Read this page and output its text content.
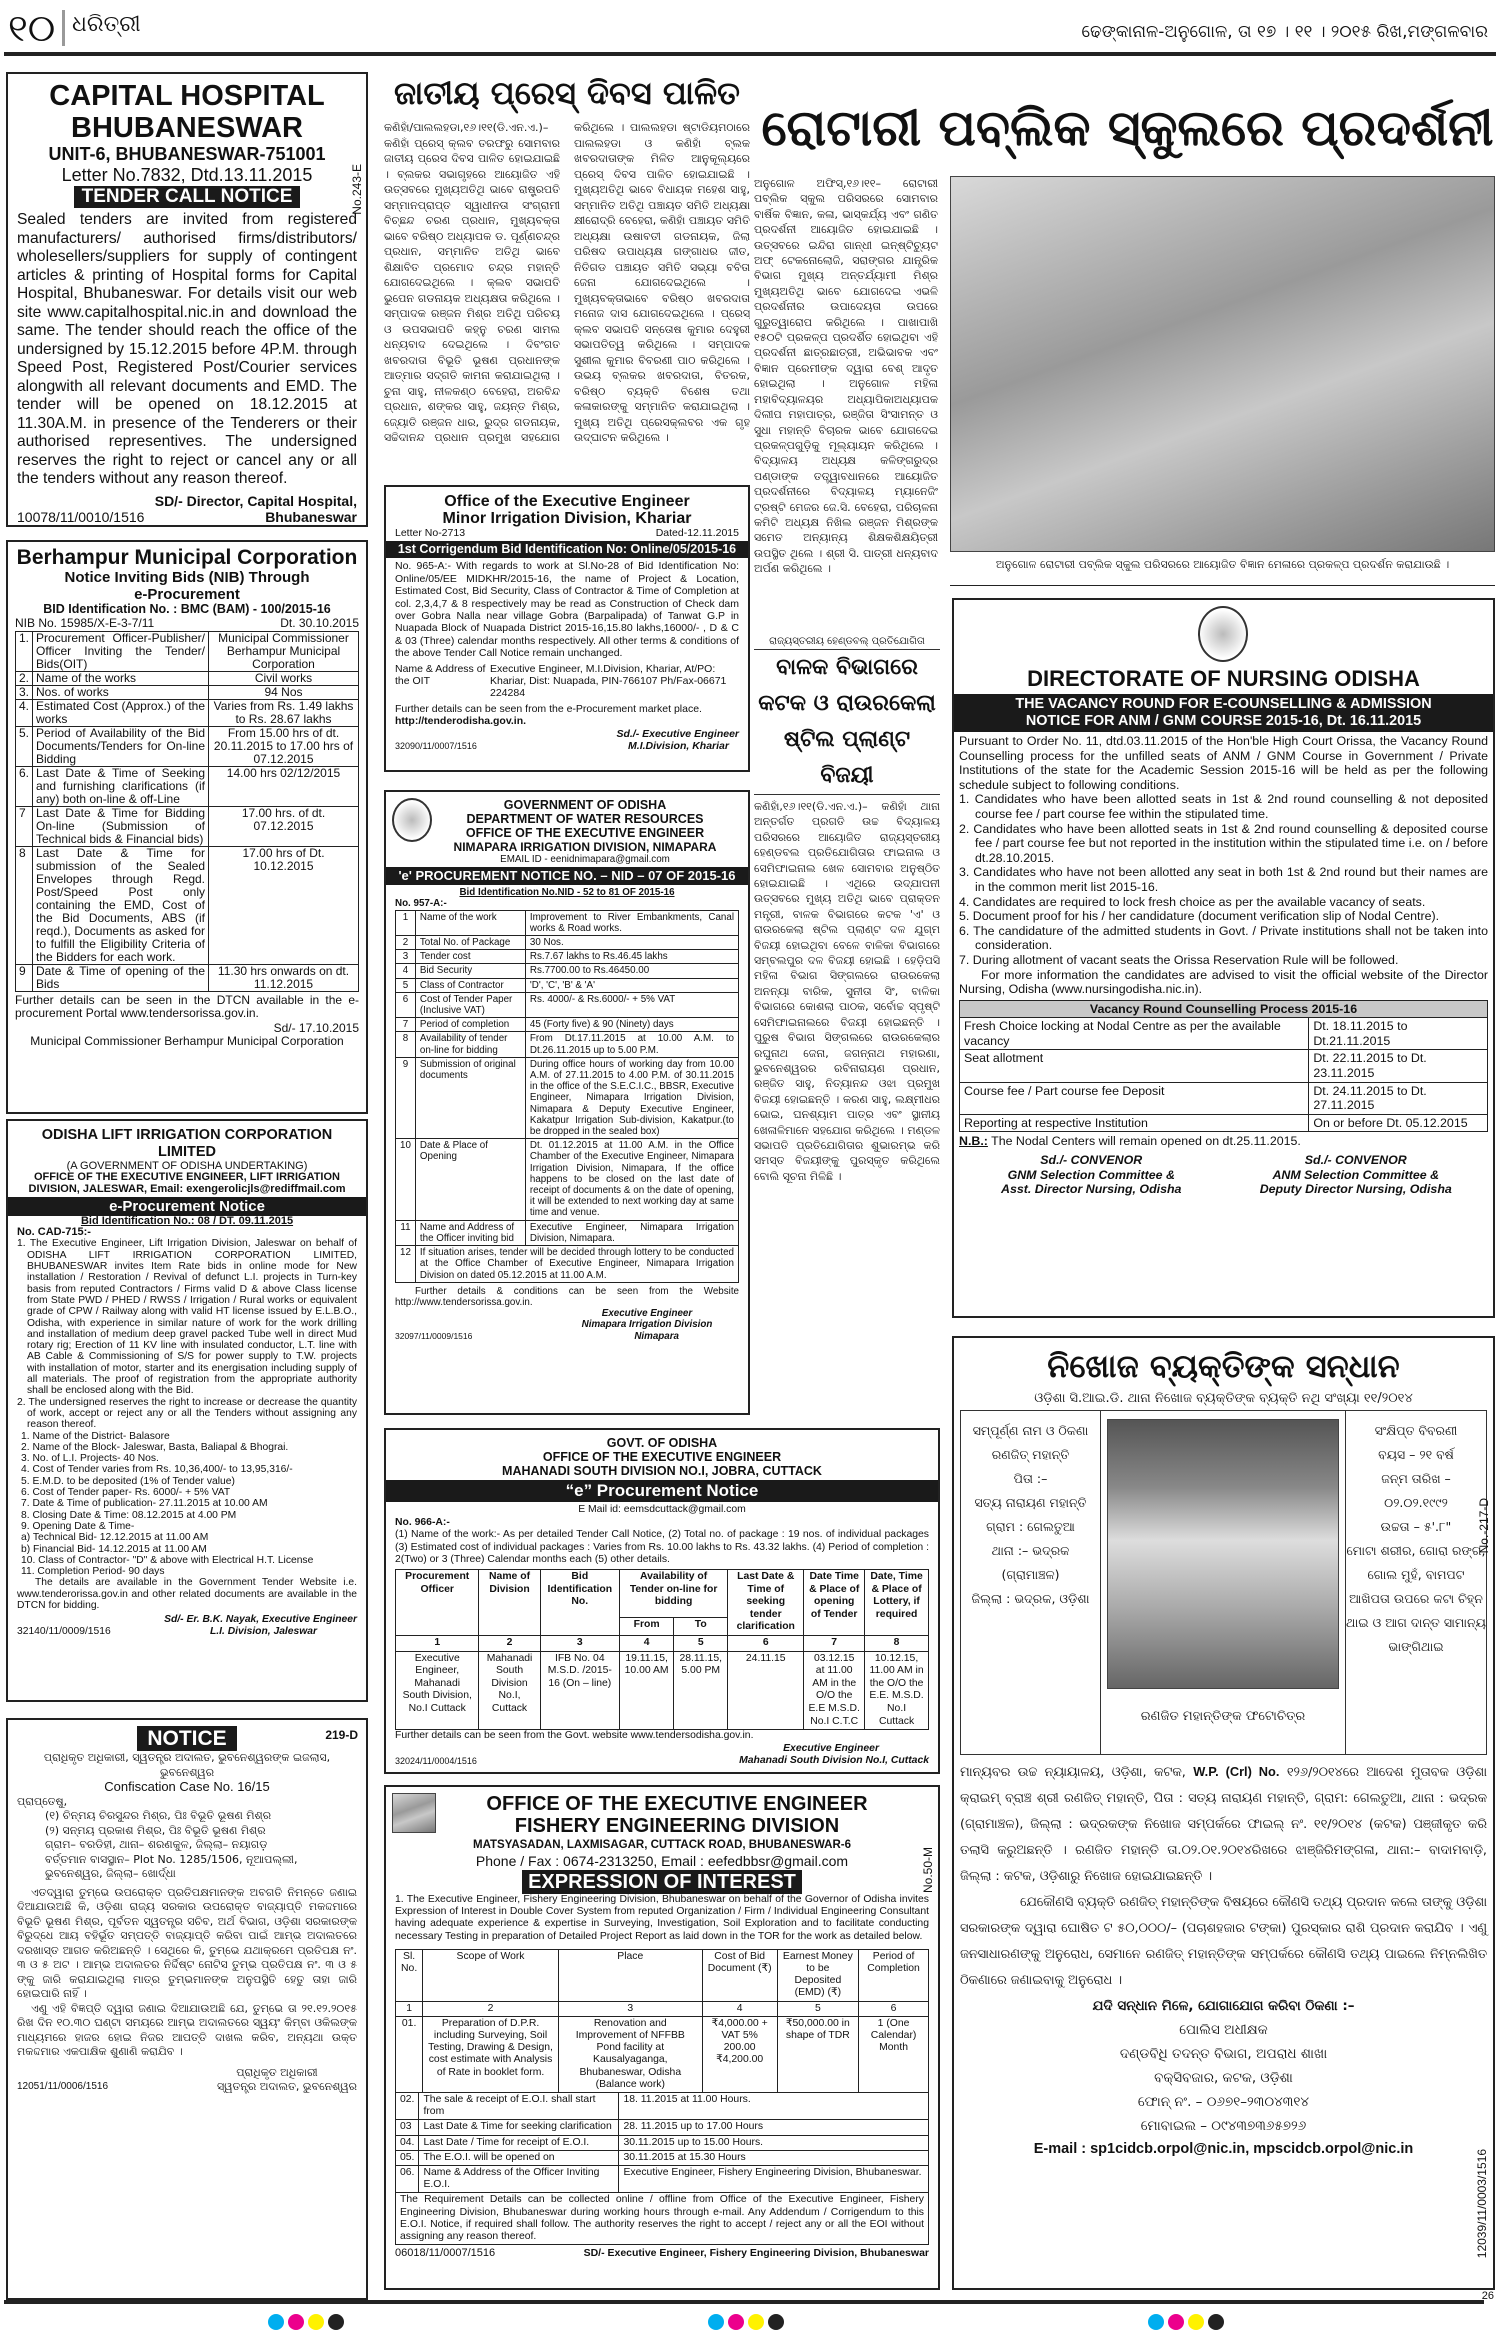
୧୦ ଧରିତ୍ରୀ	ଢେଙ୍କାନାଳ-ଅନୁଗୋଳ, ତା ୧୭ । ୧୧ । ୨୦୧୫ ରିଖ,ମଙ୍ଗଳବାର
CAPITAL HOSPITAL
BHUBANESWAR
UNIT-6, BHUBANESWAR-751001
Letter No.7832, Dtd.13.11.2015
TENDER CALL NOTICE
Sealed tenders are invited from registered manufacturers/ authorised firms/distributors/ wholesellers/suppliers for supply of contingent articles & printing of Hospital forms for Capital Hospital, Bhubaneswar. For details visit our web site www.capitalhospital.nic.in and download the same. The tender should reach the office of the undersigned by 15.12.2015 before 4P.M. through Speed Post, Registered Post/Courier services alongwith all relevant documents and EMD. The tender will be opened on 18.12.2015 at 11.30A.M. in presence of the Tenderers or their authorised representives. The undersigned reserves the right to reject or cancel any or all the tenders without any reason thereof.
SD/- Director, Capital Hospital,
10078/11/0010/1516	Bhubaneswar
No.243-E
Berhampur Municipal Corporation
Notice Inviting Bids (NIB) Through
e-Procurement
BID Identification No. : BMC (BAM) - 100/2015-16
NIB No. 15985/X-E-3-7/11	Dt. 30.10.2015
1.	Procurement Officer-Publisher/ Officer Inviting the Tender/ Bids(OIT)	Municipal Commissioner Berhampur Municipal Corporation
2.	Name of the works	Civil works
3.	Nos. of works	94 Nos
4.	Estimated Cost (Approx.) of the works	Varies from Rs. 1.49 lakhs to Rs. 28.67 lakhs
5.	Period of Availability of the Bid Documents/Tenders for On-line Bidding	From 15.00 hrs of dt. 20.11.2015 to 17.00 hrs of 07.12.2015
6.	Last Date & Time of Seeking and furnishing clarifications (if any) both on-line & off-Line	14.00 hrs 02/12/2015
7	Last Date & Time for Bidding On-line (Submission of Technical bids & Financial bids)	17.00 hrs. of dt. 07.12.2015
8	Last Date & Time for submission of the Sealed Envelopes through Regd. Post/Speed Post only containing the EMD, Cost of the Bid Documents, ABS (if reqd.), Documents as asked for to fulfill the Eligibility Criteria of the Bidders for each work.	17.00 hrs of Dt. 10.12.2015
9	Date & Time of opening of the Bids	11.30 hrs onwards on dt. 11.12.2015
Further details can be seen in the DTCN available in the e-procurement Portal www.tendersorissa.gov.in.
Sd/- 17.10.2015
Municipal Commissioner Berhampur Municipal Corporation
ODISHA LIFT IRRIGATION CORPORATION LIMITED
(A GOVERNMENT OF ODISHA UNDERTAKING)
OFFICE OF THE EXECUTIVE ENGINEER, LIFT IRRIGATION
DIVISION, JALESWAR, Email: exengerolicjls@rediffmail.com
e-Procurement Notice
Bid Identification No.: 08 / DT. 09.11.2015
No. CAD-715:-

1. The Executive Engineer, Lift Irrigation Division, Jaleswar on behalf of ODISHA LIFT IRRIGATION CORPORATION LIMITED, BHUBANESWAR invites Item Rate bids in online mode for New installation / Restoration / Revival of defunct L.I. projects in Turn-key basis from reputed Contractors / Firms valid D & above Class license from State PWD / PHED / RWSS / Irrigation / Rural works or equivalent grade of CPW / Railway along with valid HT license issued by E.L.B.O., Odisha, with experience in similar nature of work for the work drilling and installation of medium deep gravel packed Tube well in direct Mud rotary rig; Erection of 11 KV line with insulated conductor, L.T. line with AB Cable & Commissioning of S/S for power supply to T.W. projects with installation of motor, starter and its energisation including supply of all materials. The proof of registration from the appropriate authority shall be enclosed along with the Bid.

2. The undersigned reserves the right to increase or decrease the quantity of work, accept or reject any or all the Tenders without assigning any reason thereof.

1. Name of the District- Balasore

2. Name of the Block- Jaleswar, Basta, Baliapal & Bhograi.

3. No. of L.I. Projects- 40 Nos.

4. Cost of Tender varies from Rs. 10,36,400/- to 13,95,316/-

5. E.M.D. to be deposited (1% of Tender value)

6. Cost of Tender paper- Rs. 6000/- + 5% VAT

7. Date & Time of publication- 27.11.2015 at 10.00 AM

8. Closing Date & Time: 08.12.2015 at 4.00 PM

9. Opening Date & Time-

a) Technical Bid- 12.12.2015 at 11.00 AM

b) Financial Bid- 14.12.2015 at 11.00 AM

10. Class of Contractor- "D" & above with Electrical H.T. License

11. Completion Period- 90 days

The details are available in the Government Tender Website i.e. www.tenderorissa.gov.in and other related documents are available in the DTCN for bidding.
Sd/- Er. B.K. Nayak, Executive Engineer
32140/11/0009/1516	L.I. Division, Jaleswar
NOTICE	219-D
ପ୍ରାଧିକୃତ ଅଧିକାରୀ, ସ୍ୱତନ୍ତ୍ର ଅଦାଲତ, ଭୁବନେଶ୍ୱରଙ୍କ ଇଜଲାସ, ଭୁବନେଶ୍ୱର
Confiscation Case No. 16/15
ପ୍ରାପ୍ତେଷୁ,

(୧) ଚିନ୍ମୟ ଚିରସୁନ୍ଦର ମିଶ୍ର, ପିଃ ବିଭୂତି ଭୂଷଣ ମିଶ୍ର

(୨) ସନ୍ମୟ ପ୍ରକାଶ ମିଶ୍ର, ପିଃ ବିଭୂତି ଭୂଷଣ ମିଶ୍ର

ଗ୍ରାମ– ବରଡିହୀ, ଥାନା– ଶରଣକୁଳ, ଜିଲ୍ଲା– ନୟାଗଡ଼

ବର୍ତ୍ତମାନ ବାସସ୍ଥାନ– Plot No. 1285/1506, ନୂଆପଲ୍ଲୀ,

ଭୁବନେଶ୍ୱର, ଜିଲ୍ଲା– ଖୋର୍ଦ୍ଧା

ଏତଦ୍ୱାରା ତୁମ୍ଭେ ଉପରୋକ୍ତ ପ୍ରତିପକ୍ଷମାନଙ୍କ ଅବଗତି ନିମନ୍ତେ ଜଣାଇ ଦିଆଯାଉଅଛି କି, ଓଡ଼ିଶା ରାଜ୍ୟ ସରକାର ଉପରୋକ୍ତ ବାଜ୍ୟାପ୍ତି ମକଦ୍ଦମାରେ ବିଭୂତି ଭୂଷଣ ମିଶ୍ର, ପୂର୍ବତନ ସ୍ୱତନ୍ତ୍ର ସଚିବ, ଅର୍ଥ ବିଭାଗ, ଓଡ଼ିଶା ସରକାରଙ୍କ ବିରୁଦ୍ଧେ ଆୟ ବହିର୍ଭୂତ ସମ୍ପତ୍ତି ବାଜ୍ୟାପ୍ତି କରିବା ପାଇଁ ଆମ୍ଭ ଅଦାଲତରେ ଦରଖାସ୍ତ ଆଗତ କରିଅଛନ୍ତି । ସେଥିରେ କି, ତୁମ୍ଭେ ଯଥାକ୍ରମେ ପ୍ରତିପକ୍ଷ ନଂ. ୩ ଓ ୫ ଅଟ । ଆମ୍ଭ ଅଦାଲତର ନିର୍ଦ୍ଦିଷ୍ଟ ନୋଟିସ ତୁମ୍ଭ ପ୍ରତିପକ୍ଷ ନଂ. ୩ ଓ ୫ ଙ୍କୁ ଜାରି କରାଯାଇଥିଲା ମାତ୍ର ତୁମ୍ଭମାନଙ୍କ ଅନୁପସ୍ଥିତି ହେତୁ ତାହା ଜାରି ହୋଇପାରି ନାହିଁ ।

ଏଣୁ ଏହି ବିଜ୍ଞପ୍ତି ଦ୍ୱାରା ଜଣାଇ ଦିଆଯାଉଅଛି ଯେ, ତୁମ୍ଭେ ତା ୨୧.୧୨.୨୦୧୫ ରିଖ ଦିନ ୧୦.୩୦ ଘଣ୍ଟା ସମୟରେ ଆମ୍ଭ ଅଦାଲତରେ ସ୍ୱୟଂ କିମ୍ବା ଓକିଲଙ୍କ ମାଧ୍ୟମରେ ହାଜର ହୋଇ ନିଜର ଆପତ୍ତି ଦାଖଲ କରିବ, ଅନ୍ୟଥା ଉକ୍ତ ମକଦ୍ଦମାର ଏକପାକ୍ଷିକ ଶୁଣାଣି କରାଯିବ ।

ପ୍ରାଧିକୃତ ଅଧିକାରୀ
12051/11/0006/1516	ସ୍ୱତନ୍ତ୍ର ଅଦାଲତ, ଭୁବନେଶ୍ୱର
ଜାତୀୟ ପ୍ରେସ୍ ଦିବସ ପାଳିତ
କଣିହାଁ/ପାଲଲହଡା,୧୬।୧୧(ଡି.ଏନ.ଏ.)– କଣିହାଁ ପ୍ରେସ୍ କ୍ଲବ ତରଫରୁ ସୋମବାର ଜାତୀୟ ପ୍ରେସ ଦିବସ ପାଳିତ ହୋଇଯାଇଛି । ବ୍ଲକର ସଭାଗୃହରେ ଆୟୋଜିତ ଏହି ଉତ୍ସବରେ ମୁଖ୍ୟଅତିଥି ଭାବେ ରାଷ୍ଟ୍ରପତି ସମ୍ମାନପ୍ରାପ୍ତ ସ୍ୱାଧୀନତା ସଂଗ୍ରାମୀ ବିଚ୍ଛନ୍ଦ ଚରଣ ପ୍ରଧାନ, ମୁଖ୍ୟବକ୍ତା ଭାବେ ବରିଷ୍ଠ ଅଧ୍ୟାପକ ଡ. ପୂର୍ଣ୍ଣଚନ୍ଦ୍ର ପ୍ରଧାନ, ସମ୍ମାନିତ ଅତିଥି ଭାବେ ଶିକ୍ଷାବିତ ପ୍ରମୋଦ ଚନ୍ଦ୍ର ମହାନ୍ତି ଯୋଗଦେଇଥିଲେ । କ୍ଲବ ସଭାପତି ଭୁପେନ ଗଡନାୟକ ଅଧ୍ୟକ୍ଷତା କରିଥିଲେ । ସମ୍ପାଦକ ରଞ୍ଜନ ମିଶ୍ର ଅତିଥି ପରିଚୟ ଓ ଉପସଭାପତି କହ୍ନୁ ଚରଣ ସାମଲ ଧନ୍ୟବାଦ ଦେଇଥିଲେ । ଦିବଂଗତ ଖବରଦାତା ବିଭୂତି ଭୂଷଣ ପ୍ରଧାନଙ୍କ ଆତ୍ମାର ସଦ୍‌ଗତି କାମନା କରାଯାଇଥିଲା । ଚୁନା ସାହୁ, ନୀଳକଣ୍ଠ ବେହେରା, ଅରବିନ୍ଦ ପ୍ରଧାନ, ଶଙ୍କର ସାହୁ, ଜୟନ୍ତ ମିଶ୍ର, ଜ୍ୟୋତି ରଞ୍ଜନ ଧାର, ରୁଦ୍ର ଗଡନାୟକ, ସଚ୍ଚିଦାନନ୍ଦ ପ୍ରଧାନ ପ୍ରମୁଖ ସହଯୋଗ କରିଥିଲେ । ପାଲଲହଡା ଷ୍ଟାଡିୟମଠାରେ ପାଲଲହଡା ଓ କଣିହାଁ ବ୍ଲକ ଖବରଦାତାଙ୍କ ମିଳିତ ଆନୁକୂଲ୍ୟରେ ପ୍ରେସ୍ ଦିବସ ପାଳିତ ହୋଇଯାଇଛି । ମୁଖ୍ୟଅତିଥି ଭାବେ ବିଧାୟକ ମହେଶ ସାହୁ, ସମ୍ମାନିତ ଅତିଥି ପଞ୍ଚାୟତ ସମିତି ଅଧ୍ୟକ୍ଷା କ୍ଷୀରୋଦ୍ରି ବେହେରା, କଣିହାଁ ପଞ୍ଚାୟତ ସମିତି ଅଧ୍ୟକ୍ଷା ଉଷାବତୀ ଗଡନାୟକ, ଜିଲା ପରିଷଦ ଉପାଧ୍ୟକ୍ଷ ଗଙ୍ଗାଧର ଜୀତ, ନିତିଗଡ ପଞ୍ଚାୟତ ସମିତି ସଭ୍ୟା ବବିତା ଜେନା ଯୋଗଦେଇଥିଲେ । ମୁଖ୍ୟବକ୍ତାଭାବେ ବରିଷ୍ଠ ଖବରଦାତା ମନୋଜ ଦାସ ଯୋଗଦେଇଥିଲେ । ପ୍ରେସ୍ କ୍ଲବ ସଭାପତି ସନ୍ତୋଷ କୁମାର ଦେହୁରୀ ସଭାପତିତ୍ୱ କରିଥିଲେ । ସମ୍ପାଦକ ସୁଶୀଲ କୁମାର ବିବରଣୀ ପାଠ କରିଥିଲେ । ଉଭୟ ବ୍ଲକର ଖବରଦାତା, ବିତରକ, ବରିଷ୍ଠ ବ୍ୟକ୍ତି ବିଶେଷ ତଥା କଳାକାରଙ୍କୁ ସମ୍ମାନିତ କରାଯାଇଥିଲା । ମୁଖ୍ୟ ଅତିଥି ପ୍ରେସକ୍ଲବର ଏକ ଗୃହ ଉଦ୍‌ଘାଟନ କରିଥିଲେ ।
Office of the Executive Engineer
Minor Irrigation Division, Khariar
Letter No-2713	Dated-12.11.2015
1st Corrigendum Bid Identification No: Online/05/2015-16
No. 965-A:- With regards to work at Sl.No-28 of Bid Identification No: Online/05/EE MIDKHR/2015-16, the name of Project & Location, Estimated Cost, Bid Security, Class of Contractor & Time of Completion at col. 2,3,4,7 & 8 respectively may be read as Construction of Check dam over Gobra Nalla near village Gobra (Barpalipada) of Tanwat G.P in Nuapada Block of Nuapada District 2015-16,15.80 lakhs,16000/- , D & C & 03 (Three) calendar months respectively. All other terms & conditions of the above Tender Call Notice remain unchanged.
Name & Address of the OIT
Executive Engineer, M.I.Division, Khariar, At/PO: Khariar, Dist: Nuapada, PIN-766107 Ph/Fax-06671 224284
Further details can be seen from the e-Procurement market place.
http://tenderodisha.gov.in.
Sd./- Executive Engineer
32090/11/0007/1516	M.I.Division, Khariar
GOVERNMENT OF ODISHA
DEPARTMENT OF WATER RESOURCES
OFFICE OF THE EXECUTIVE ENGINEER
NIMAPARA IRRIGATION DIVISION, NIMAPARA
EMAIL ID - eenidnimapara@gmail.com
'e' PROCUREMENT NOTICE NO. – NID – 07 OF 2015-16
Bid Identification No.NID - 52 to 81 OF 2015-16
No. 957-A:-
1	Name of the work	Improvement to River Embankments, Canal works & Road works.
2	Total No. of Package	30 Nos.
3	Tender cost	Rs.7.67 lakhs to Rs.46.45 lakhs
4	Bid Security	Rs.7700.00 to Rs.46450.00
5	Class of Contractor	'D', 'C', 'B' & 'A'
6	Cost of Tender Paper (Inclusive VAT)	Rs. 4000/- & Rs.6000/- + 5% VAT
7	Period of completion	45 (Forty five) & 90 (Ninety) days
8	Availability of tender on-line for bidding	From Dt.17.11.2015 at 10.00 A.M. to Dt.26.11.2015 up to 5.00 P.M.
9	Submission of original documents	During office hours of working day from 10.00 A.M. of 27.11.2015 to 4.00 P.M. of 30.11.2015 in the office of the S.E.C.I.C., BBSR, Executive Engineer, Nimapara Irrigation Division, Nimapara & Deputy Executive Engineer, Kakatpur Irrigation Sub-division, Kakatpur.(to be dropped in the sealed box)
10	Date & Place of Opening	Dt. 01.12.2015 at 11.00 A.M. in the Office Chamber of the Executive Engineer, Nimapara Irrigation Division, Nimapara, If the office happens to be closed on the last date of receipt of documents & on the date of opening, it will be extended to next working day at same time and venue.
11	Name and Address of the Officer inviting bid	Executive Engineer, Nimapara Irrigation Division, Nimapara.
12	If situation arises, tender will be decided through lottery to be conducted at the Office Chamber of Executive Engineer, Nimapara Irrigation Division on dated 05.12.2015 at 11.00 A.M.
Further details & conditions can be seen from the Website http://www.tendersorissa.gov.in.
Executive Engineer
Nimapara Irrigation Division
32097/11/0009/1516	Nimapara
ରୋଟାରୀ ପବ୍ଲିକ ସ୍କୁଲରେ ପ୍ରଦର୍ଶନୀ
ଅନୁଗୋଳ ଅଫିସ୍,୧୬।୧୧– ରୋଟାରୀ ପବ୍ଲିକ ସ୍କୁଲ ପରିସରରେ ସୋମବାର ବାର୍ଷିକ ବିଜ୍ଞାନ, କଳା, ଭାସ୍କର୍ଯ୍ୟ ଏବଂ ଗଣିତ ପ୍ରଦର୍ଶନୀ ଆୟୋଜିତ ହୋଇଯାଇଛି । ଉତ୍ସବରେ ଇନ୍ଦିରା ଗାନ୍ଧୀ ଇନ୍‌ଷ୍ଟିଚ୍ୟୁଟ ଅଫ୍ ଟେକନୋଲୋଜି, ସରାଙ୍ଗର ଯାନ୍ତ୍ରିକ ବିଭାଗ ମୁଖ୍ୟ ଅନ୍ତର୍ଯ୍ୟାମୀ ମିଶ୍ର ମୁଖ୍ୟଅତିଥି ଭାବେ ଯୋଗଦେଇ ଏଭଳି ପ୍ରଦର୍ଶନୀର ଉପାଦେୟତା ଉପରେ ଗୁରୁତ୍ୱାରୋପ କରିଥିଲେ । ପାଖାପାଖି ୧୫୦ଟି ପ୍ରକଳ୍ପ ପ୍ରଦର୍ଶିତ ହୋଇଥିବା ଏହି ପ୍ରଦର୍ଶନୀ ଛାତ୍ରଛାତ୍ରୀ, ଅଭିଭାବକ ଏବଂ ବିଜ୍ଞାନ ପ୍ରେମୀଙ୍କ ଦ୍ୱାରା ବେଶ୍ ଆଦୃତ ହୋଇଥିଲା । ଅନୁଗୋଳ ମହିଳା ମହାବିଦ୍ୟାଳୟର ଅଧ୍ୟାପିକାଅଧ୍ୟାପକ ଦିଲୀପ ମହାପାତ୍ର, ରଞ୍ଜିତା ସିଂସାମନ୍ତ ଓ ସୁଧା ମହାନ୍ତି ବିଚାରକ ଭାବେ ଯୋଗଦେଇ ପ୍ରକଳ୍ପଗୁଡ଼ିକୁ ମୂଲ୍ୟାୟନ କରିଥିଲେ । ବିଦ୍ୟାଳୟ ଅଧ୍ୟକ୍ଷ କଳିଙ୍ଗରୁଦ୍ର ପଣ୍ଡାଙ୍କ ତତ୍ତ୍ୱାବଧାନରେ ଆୟୋଜିତ ପ୍ରଦର୍ଶନୀରେ ବିଦ୍ୟାଳୟ ମ୍ୟାନେଜିଂ ଟ୍ରଷ୍ଟି ମେଜର ଜେ.ସି. ବେହେରା, ପରିଚାଳନା କମିଟି ଅଧ୍ୟକ୍ଷ ନିଖିଲ ରଞ୍ଜନ ମିଶ୍ରଙ୍କ ସମେତ ଅନ୍ୟାନ୍ୟ ଶିକ୍ଷକଶିକ୍ଷୟିତ୍ରୀ ଉପସ୍ଥିତ ଥିଲେ । ଶ୍ରୀ ସି. ପାତ୍ରୀ ଧନ୍ୟବାଦ ଅର୍ପଣ କରିଥିଲେ ।	ଅନୁଗୋଳ ରୋଟାରୀ ପବ୍ଲିକ ସ୍କୁଲ ପରିସରରେ ଆୟୋଜିତ ବିଜ୍ଞାନ ମେଳାରେ ପ୍ରକଳ୍ପ ପ୍ରଦର୍ଶନ କରାଯାଉଛି ।
ରାଜ୍ୟସ୍ତରୀୟ ହେଣ୍ଡବଲ୍ ପ୍ରତିଯୋଗିତା
ବାଳକ ବିଭାଗରେ
କଟକ ଓ ରାଉରକେଲା
ଷ୍ଟିଲ ପ୍ଲାଣ୍ଟ ବିଜୟୀ
କଣିହାଁ,୧୬।୧୧(ଡି.ଏନ.ଏ.)– କଣିହାଁ ଥାନା ଅନ୍ତର୍ଗତ ପ୍ରଗତି ଉଚ୍ଚ ବିଦ୍ୟାଳୟ ପରିସରରେ ଆୟୋଜିତ ରାଜ୍ୟସ୍ତରୀୟ ହେଣ୍ଡବଲ ପ୍ରତିଯୋଗିତାର ଫାଇନାଲ ଓ ସେମିଫାଇନାଲ ଖେଳ ସୋମବାର ଅନୁଷ୍ଠିତ ହୋଇଯାଇଛି । ଏଥିରେ ଉଦ୍‌ଯାପନୀ ଉତ୍ସବରେ ମୁଖ୍ୟ ଅତିଥି ଭାବେ ପ୍ରାକ୍ତନ ମନ୍ତ୍ରୀ, ବାଳକ ବିଭାଗରେ କଟକ 'ଏ' ଓ ରାଉରକେଲା ଷ୍ଟିଲ ପ୍ଲାଣ୍ଟ ଦଳ ଯୁଗ୍ମ ବିଜୟୀ ହୋଇଥିବା ବେଳେ ବାଳିକା ବିଭାଗରେ ସମ୍ବଲପୁର ଦଳ ବିଜୟୀ ହୋଇଛି । ହେଡ଼ିପସି ମହିଳା ବିଭାଗ ସିଙ୍ଗଲରେ ରାଉରକେଲା ଅନନ୍ୟା ବାରିକ, ସୁନୀତା ସିଂ, ବାଳିକା ବିଭାଗରେ କୋଶଲା ପାଠକ, ସର୍ବୋଚ୍ଚ ସ୍ପୃଷ୍ଟି ସେମିଫାଇନାଲରେ ବିଜୟୀ ହୋଇଛନ୍ତି । ପୁରୁଷ ବିଭାଗ ସିଙ୍ଗଲରେ ରାଉରକେଲାର ରଘୁନାଥ ଜେନା, ଜଗନ୍ନାଥ ମହାରଣା, ଭୁବନେଶ୍ୱରର ରବିନାରାୟଣ ପ୍ରଧାନ, ରଞ୍ଜିତ ସାହୁ, ନିତ୍ୟାନନ୍ଦ ଓଝା ପ୍ରମୁଖ ବିଜୟୀ ହୋଇଛନ୍ତି । କରଣ ସାହୁ, ଲକ୍ଷ୍ମୀଧର ଭୋଇ, ଘନଶ୍ୟାମ ପାତ୍ର ଏବଂ ସ୍ଥାନୀୟ ଖେଳାଳିମାନେ ସହଯୋଗ କରିଥିଲେ । ମଣ୍ଡଳ ସଭାପତି ପ୍ରତିଯୋଗିତାର ଶୁଭାରମ୍ଭ କରି ସମସ୍ତ ବିଜୟୀଙ୍କୁ ପୁରସ୍କୃତ କରିଥିଲେ ବୋଲି ସୂଚନା ମିଳିଛି ।
DIRECTORATE OF NURSING ODISHA
THE VACANCY ROUND FOR E-COUNSELLING & ADMISSION
NOTICE FOR ANM / GNM COURSE 2015-16, Dt. 16.11.2015
Pursuant to Order No. 11, dtd.03.11.2015 of the Hon'ble High Court Orissa, the Vacancy Round Counselling process for the unfilled seats of ANM / GNM Course in Government / Private Institutions of the state for the Academic Session 2015-16 will be held as per the following schedule subject to following conditions.

1. Candidates who have been allotted seats in 1st & 2nd round counselling & not deposited course fee / part course fee within the stipulated time.

2. Candidates who have been allotted seats in 1st & 2nd round counselling & deposited course fee / part course fee but not reported in the institution within the stipulated time i.e. on / before dt.28.10.2015.

3. Candidates who have not been allotted any seat in both 1st & 2nd round but their names are in the common merit list 2015-16.

4. Candidates are required to lock fresh choice as per the available vacancy of seats.

5. Document proof for his / her candidature (document verification slip of Nodal Centre).

6. The candidature of the admitted students in Govt. / Private institutions shall not be taken into consideration.

7. During allotment of vacant seats the Orissa Reservation Rule will be followed.

For more information the candidates are advised to visit the official website of the Director Nursing, Odisha (www.nursingodisha.nic.in).
Vacancy Round Counselling Process 2015-16	
Fresh Choice locking at Nodal Centre as per the available vacancy	Dt. 18.11.2015 to Dt.21.11.2015
Seat allotment	Dt. 22.11.2015 to Dt. 23.11.2015
Course fee / Part course fee Deposit	Dt. 24.11.2015 to Dt. 27.11.2015
Reporting at respective Institution	On or before Dt. 05.12.2015
N.B.: The Nodal Centers will remain opened on dt.25.11.2015.

Sd./- CONVENOR

GNM Selection Committee &

Asst. Director Nursing, Odisha

Sd./- CONVENOR

ANM Selection Committee &

Deputy Director Nursing, Odisha

GOVT. OF ODISHA
OFFICE OF THE EXECUTIVE ENGINEER
MAHANADI SOUTH DIVISION NO.I, JOBRA, CUTTACK
“e” Procurement Notice
E Mail id: eemsdcuttack@gmail.com
No. 966-A:-
(1) Name of the work:- As per detailed Tender Call Notice, (2) Total no. of package : 19 nos. of individual packages (3) Estimated cost of individual packages : Varies from Rs. 10.00 lakhs to Rs. 43.32 lakhs. (4) Period of completion : 2(Two) or 3 (Three) Calendar months each (5) other details.
Procurement Officer	Name of Division	Bid Identification No.	Availability of Tender on-line for bidding		Last Date & Time of seeking tender clarification	Date Time & Place of opening of Tender	Date, Time & Place of Lottery, if required
			From	To			
1	2	3	4	5	6	7	8
Executive Engineer, Mahanadi South Division, No.I Cuttack	Mahanadi South Division No.I, Cuttack	IFB No. 04 M.S.D. /2015-16 (On – line)	19.11.15, 10.00 AM	28.11.15, 5.00 PM	24.11.15	03.12.15 at 11.00 AM in the O/O the E.E M.S.D. No.I C.T.C	10.12.15, 11.00 AM in the O/O the E.E. M.S.D. No.I Cuttack
Further details can be seen from the Govt. website www.tendersodisha.gov.in.
Executive Engineer
32024/11/0004/1516	Mahanadi South Division No.I, Cuttack
OFFICE OF THE EXECUTIVE ENGINEER
FISHERY ENGINEERING DIVISION
MATSYASADAN, LAXMISAGAR, CUTTACK ROAD, BHUBANESWAR-6
Phone / Fax : 0674-2313250, Email : eefedbbsr@gmail.com
EXPRESSION OF INTEREST	No.50-M
1. The Executive Engineer, Fishery Engineering Division, Bhubaneswar on behalf of the Governor of Odisha invites Expression of Interest in Double Cover System from reputed Organization / Firm / Individual Engineering Consultant having adequate experience & expertise in Surveying, Investigation, Soil Exploration and to facilitate conducting necessary Testing in preparation of Detailed Project Report as laid down in the TOR for the work as detailed below.
Sl. No.	Scope of Work	Place	Cost of Bid Document (₹)	Earnest Money to be Deposited (EMD) (₹)	Period of Completion
1	2	3	4	5	6
01.	Preparation of D.P.R. including Surveying, Soil Testing, Drawing & Design, cost estimate with Analysis of Rate in booklet form.	Renovation and Improvement of NFFBB Pond facility at Kausalyaganga, Bhubaneswar, Odisha (Balance work)	₹4,000.00 + VAT 5% 200.00 ₹4,200.00	₹50,000.00 in shape of TDR	1 (One Calendar) Month
02.	The sale & receipt of E.O.I. shall start from	18. 11.2015 at 11.00 Hours.
03	Last Date & Time for seeking clarification	28. 11.2015 up to 17.00 Hours
04.	Last Date / Time for receipt of E.O.I.	30.11.2015 up to 15.00 Hours.
05.	The E.O.I. will be opened on	30.11.2015 at 15.30 Hours
06.	Name & Address of the Officer Inviting E.O.I.	Executive Engineer, Fishery Engineering Division, Bhubaneswar.
The Requirement Details can be collected online / offline from Office of the Executive Engineer, Fishery Engineering Division, Bhubaneswar during working hours through e-mail. Any Addendum / Corrigendum to this E.O.I. Notice, if required shall follow. The authority reserves the right to accept / reject any or all the EOI without assigning any reason thereof.		
06018/11/0007/1516	SD/- Executive Engineer, Fishery Engineering Division, Bhubaneswar
ନିଖୋଜ ବ୍ୟକ୍ତିଙ୍କ ସନ୍ଧାନ
ଓଡ଼ିଶା ସି.ଆଇ.ଡି. ଥାନା ନିଖୋଜ ବ୍ୟକ୍ତିଙ୍କ ବ୍ୟକ୍ତି ନଥି ସଂଖ୍ୟା ୧୧/୨୦୧୪

ସମ୍ପୂର୍ଣ୍ଣ ନାମ ଓ ଠିକଣା

ରଣଜିତ୍ ମହାନ୍ତି

ପିତା :–

ସତ୍ୟ ନାରାୟଣ ମହାନ୍ତି

ଗ୍ରାମ : ଗେଲତୁଆ

ଥାନା :– ଭଦ୍ରକ (ଗ୍ରାମାଞ୍ଚଳ)

ଜିଲ୍ଲା : ଭଦ୍ରକ, ଓଡ଼ିଶା

ରଣଜିତ ମହାନ୍ତିଙ୍କ ଫଟୋଚିତ୍ର

ସଂକ୍ଷିପ୍ତ ବିବରଣୀ

ବୟସ – ୨୧ ବର୍ଷ

ଜନ୍ମ ତାରିଖ –

୦୨.୦୨.୧୯୯୨

ଉଚ୍ଚତା – ୫'.୮"

ମୋଟା ଶରୀର, ଗୋରା ରଙ୍ଗ, ଗୋଲ ମୁହଁ, ବାମପଟ ଆଖିପତା ଉପରେ କଟା ଚିହ୍ନ ଥାଇ ଓ ଆଗ ଦାନ୍ତ ସାମାନ୍ୟ ଭାଙ୍ଗିଥାଇ

No.-217-D
ମାନ୍ୟବର ଉଚ୍ଚ ନ୍ୟାୟାଳୟ, ଓଡ଼ିଶା, କଟକ, W.P. (Crl) No. ୧୨୬/୨୦୧୪ରେ ଆଦେଶ ମୁତାବକ ଓଡ଼ିଶା କ୍ରାଇମ୍ ବ୍ରାଞ୍ଚ ଶ୍ରୀ ରଣଜିତ୍ ମହାନ୍ତି, ପିତା : ସତ୍ୟ ନାରାୟଣ ମହାନ୍ତି, ଗ୍ରାମ: ଗେଲତୁଆ, ଥାନା : ଭଦ୍ରକ (ଗ୍ରାମାଞ୍ଚଳ), ଜିଲ୍ଲା : ଭଦ୍ରକଙ୍କ ନିଖୋଜ ସମ୍ପର୍କରେ ଫାଇଲ୍ ନଂ. ୧୧/୨୦୧୪ (କଟକ) ପଞ୍ଜୀକୃତ କରି ତଲାସି କରୁଅଛନ୍ତି । ରଣଜିତ ମହାନ୍ତି ତା.୦୨.୦୧.୨୦୧୪ରିଖରେ ଝାଞ୍ଜିରିମଙ୍ଗଳା, ଥାନା:– ବାଦାମବାଡ଼ି, ଜିଲ୍ଲା : କଟକ, ଓଡ଼ିଶାରୁ ନିଖୋଜ ହୋଇଯାଇଛନ୍ତି ।
ଯେକୌଣସି ବ୍ୟକ୍ତି ରଣଜିତ୍ ମହାନ୍ତିଙ୍କ ବିଷୟରେ କୌଣସି ତଥ୍ୟ ପ୍ରଦାନ କଲେ ତାଙ୍କୁ ଓଡ଼ିଶା ସରକାରଙ୍କ ଦ୍ୱାରା ଘୋଷିତ ଟ ୫୦,୦୦୦/– (ପଚାଶହଜାର ଟଙ୍କା) ପୁରସ୍କାର ରାଶି ପ୍ରଦାନ କରାଯିବ । ଏଣୁ ଜନସାଧାରଣଙ୍କୁ ଅନୁରୋଧ, ସେମାନେ ରଣଜିତ୍ ମହାନ୍ତିଙ୍କ ସମ୍ପର୍କରେ କୌଣସି ତଥ୍ୟ ପାଇଲେ ନିମ୍ନଲିଖିତ ଠିକଣାରେ ଜଣାଇବାକୁ ଅନୁରୋଧ ।
ଯଦି ସନ୍ଧାନ ମିଳେ, ଯୋଗାଯୋଗ କରିବା ଠିକଣା :–

ପୋଲିସ ଅଧୀକ୍ଷକ

ଦଣ୍ଡବିଧି ତଦନ୍ତ ବିଭାଗ, ଅପରାଧ ଶାଖା

ବକ୍ସିବଜାର, କଟକ, ଓଡ଼ିଶା

ଫୋନ୍ ନଂ. – ୦୬୭୧–୨୩୦୪୩୧୪

ମୋବାଇଲ – ୦୯୪୩୭୩୬୫୭୨୬

E-mail : sp1cidcb.orpol@nic.in, mpscidcb.orpol@nic.in	12039/11/0003/1516
26
